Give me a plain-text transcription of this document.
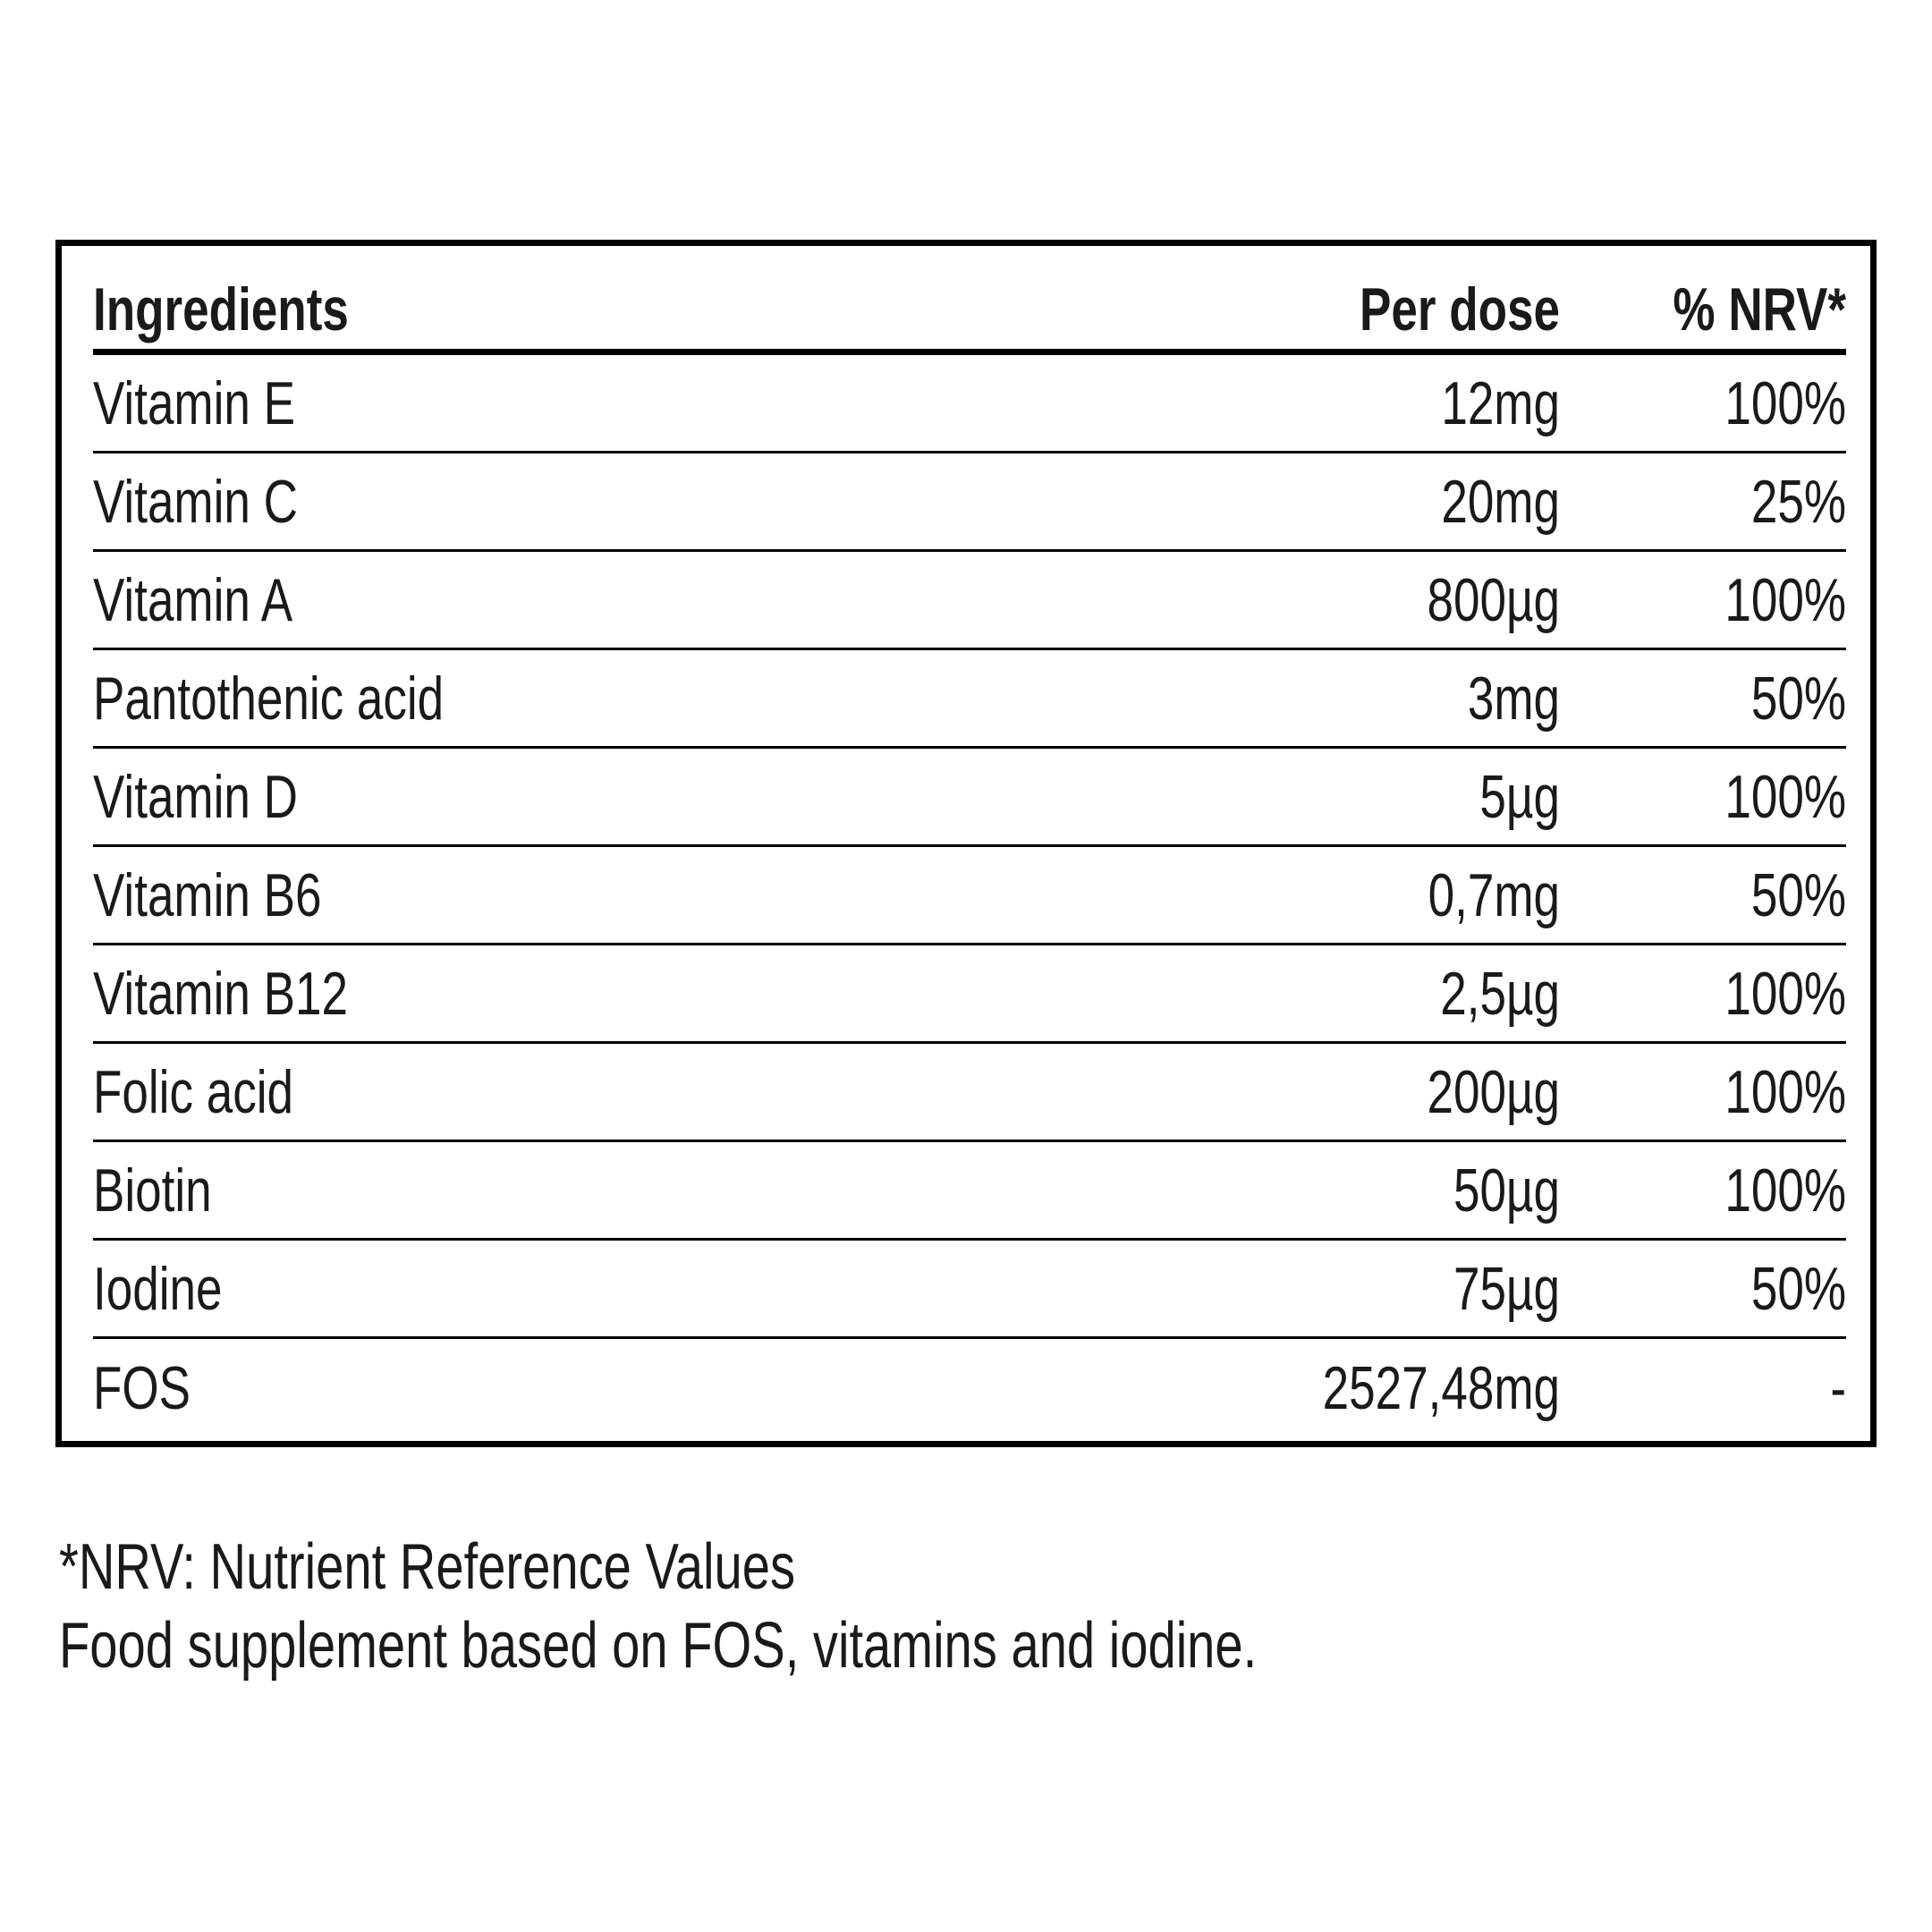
Ingredients	Per dose	% NRV*
Vitamin E	12mg	100%
Vitamin C	20mg	25%
Vitamin A	800µg	100%
Pantothenic acid	3mg	50%
Vitamin D	5µg	100%
Vitamin B6	0,7mg	50%
Vitamin B12	2,5µg	100%
Folic acid	200µg	100%
Biotin	50µg	100%
Iodine	75µg	50%
FOS	2527,48mg	-
*NRV: Nutrient Reference Values
Food supplement based on FOS, vitamins and iodine.
